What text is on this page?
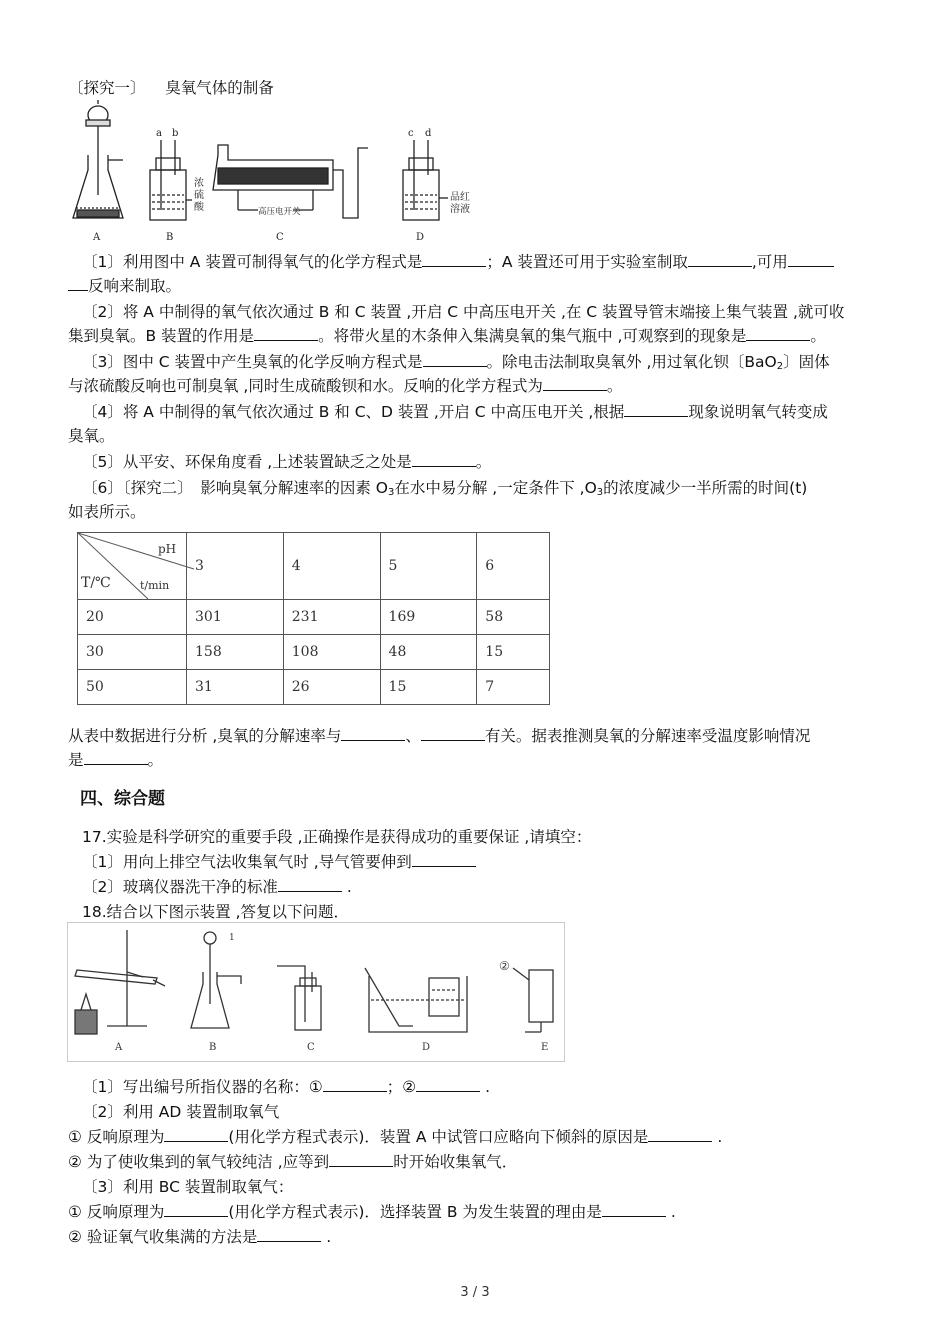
〔探究一〕 臭氧气体的制备
a b	c d
A	B	C	D
浓
硫
酸
品红
溶液
高压电开关
〔1〕利用图中 A 装置可制得氧气的化学方程式是	；A 装置还可用于实验室制取	,可用
反响来制取。
〔2〕将 A 中制得的氧气依次通过 B 和 C 装置 ,开启 C 中高压电开关 ,在 C 装置导管末端接上集气装置 ,就可收
集到臭氧。B 装置的作用是	。将带火星的木条伸入集满臭氧的集气瓶中 ,可观察到的现象是	。
〔3〕图中 C 装置中产生臭氧的化学反响方程式是	。除电击法制取臭氧外 ,用过氧化钡〔BaO$_2$〕固体
与浓硫酸反响也可制臭氧 ,同时生成硫酸钡和水。反响的化学方程式为	。
〔4〕将 A 中制得的氧气依次通过 B 和 C、D 装置 ,开启 C 中高压电开关 ,根据	现象说明氧气转变成
臭氧。
〔5〕从平安、环保角度看 ,上述装置缺乏之处是	。
〔6〕〔探究二〕　影响臭氧分解速率的因素 $O_3$在水中易分解 ,一定条件下 $,O_3$的浓度减少一半所需的时间(t)
如表所示。
pH
T/℃ t/min	3	4	5	6
20	301	231	169	58
30	158	108	48	15
50	31	26	15	7
从表中数据进行分析 ,臭氧的分解速率与	、	有关。据表推测臭氧的分解速率受温度影响情况
是	。
四、综合题
17.实验是科学研究的重要手段 ,正确操作是获得成功的重要保证 ,请填空：
〔1〕用向上排空气法收集氧气时 ,导气管要伸到
〔2〕玻璃仪器洗干净的标准	.
18.结合以下图示装置 ,答复以下问题．
A	B	C	D	E
1
②
〔1〕写出编号所指仪器的名称：①	；②	.
〔2〕利用 AD 装置制取氧气
① 反响原理为	(用化学方程式表示)．装置 A 中试管口应略向下倾斜的原因是	.
② 为了使收集到的氧气较纯洁 ,应等到	时开始收集氧气．
〔3〕利用 BC 装置制取氧气：
① 反响原理为	(用化学方程式表示)．选择装置 B 为发生装置的理由是	.
② 验证氧气收集满的方法是	.
3 / 3
